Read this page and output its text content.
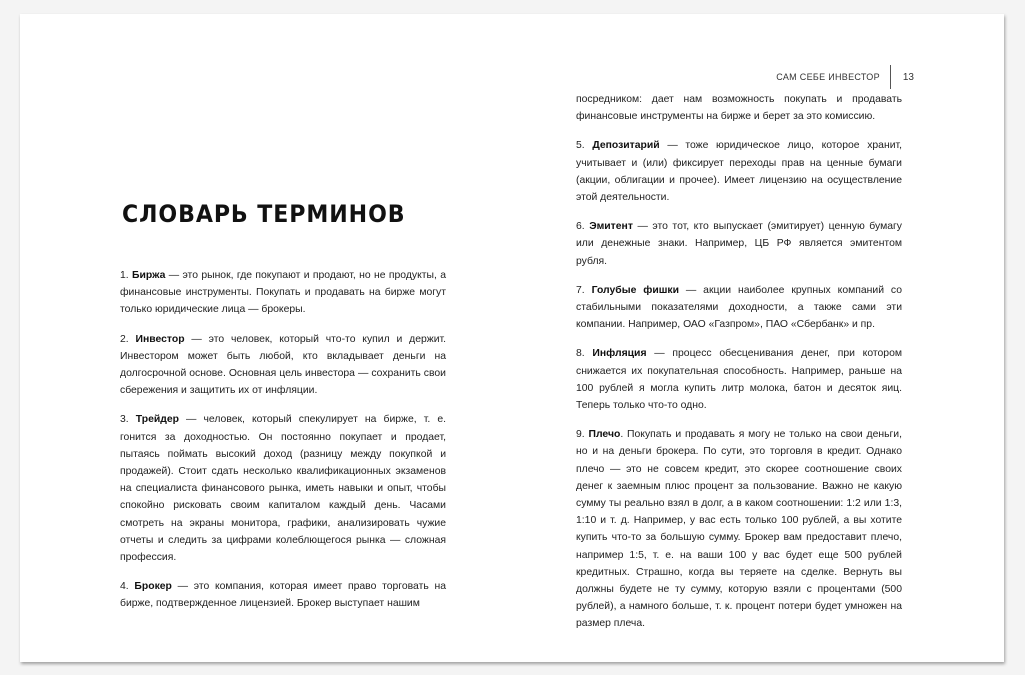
САМ СЕБЕ ИНВЕСТОР	13
СЛОВАРЬ ТЕРМИНОВ

1. Биржа — это рынок, где покупают и продают, но не продукты, а финансовые инструменты. Покупать и продавать на бирже могут только юридические лица — брокеры.

2. Инвестор — это человек, который что-то купил и держит. Инвестором может быть любой, кто вкладывает деньги на долгосрочной основе. Основная цель инвестора — сохранить свои сбережения и защитить их от инфляции.

3. Трейдер — человек, который спекулирует на бирже, т. е. гонится за доходностью. Он постоянно покупает и продает, пытаясь поймать высокий доход (разницу между покупкой и продажей). Стоит сдать несколько квалификационных экзаменов на специалиста финансового рынка, иметь навыки и опыт, чтобы спокойно рисковать своим капиталом каждый день. Часами смотреть на экраны монитора, графики, анализировать чужие отчеты и следить за цифрами колеблющегося рынка — сложная профессия.

4. Брокер — это компания, которая имеет право торговать на бирже, подтвержденное лицензией. Брокер выступает нашим

посредником: дает нам возможность покупать и продавать финансовые инструменты на бирже и берет за это комиссию.

5. Депозитарий — тоже юридическое лицо, которое хранит, учитывает и (или) фиксирует переходы прав на ценные бумаги (акции, облигации и прочее). Имеет лицензию на осуществление этой деятельности.

6. Эмитент — это тот, кто выпускает (эмитирует) ценную бумагу или денежные знаки. Например, ЦБ РФ является эмитентом рубля.

7. Голубые фишки — акции наиболее крупных компаний со стабильными показателями доходности, а также сами эти компании. Например, ОАО «Газпром», ПАО «Сбербанк» и пр.

8. Инфляция — процесс обесценивания денег, при котором снижается их покупательная способность. Например, раньше на 100 рублей я могла купить литр молока, батон и десяток яиц. Теперь только что-то одно.

9. Плечо. Покупать и продавать я могу не только на свои деньги, но и на деньги брокера. По сути, это торговля в кредит. Однако плечо — это не совсем кредит, это скорее соотношение своих денег к заемным плюс процент за пользование. Важно не какую сумму ты реально взял в долг, а в каком соотношении: 1:2 или 1:3, 1:10 и т. д. Например, у вас есть только 100 рублей, а вы хотите купить что-то за большую сумму. Брокер вам предоставит плечо, например 1:5, т. е. на ваши 100 у вас будет еще 500 рублей кредитных. Страшно, когда вы теряете на сделке. Вернуть вы должны будете не ту сумму, которую взяли с процентами (500 рублей), а намного больше, т. к. процент потери будет умножен на размер плеча.
